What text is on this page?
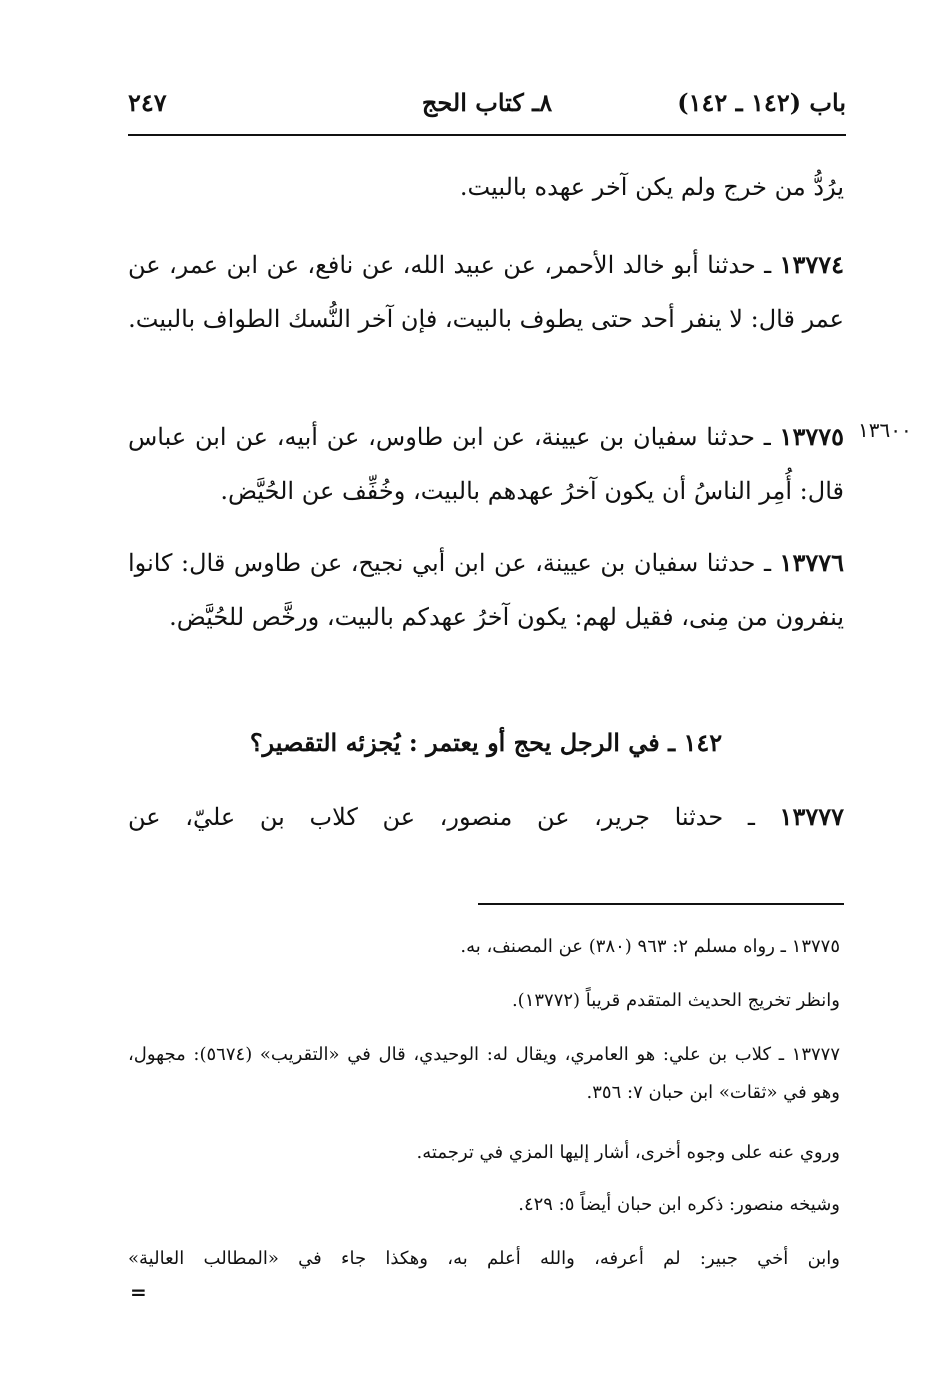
باب (١٤٢ ـ ١٤٢)
٨ـ كتاب الحج
٢٤٧

يرُدُّ من خرج ولم يكن آخر عهده بالبيت.

١٣٧٧٤ ـ حدثنا أبو خالد الأحمر، عن عبيد الله، عن نافع، عن ابن عمر، عن عمر قال: لا ينفر أحد حتى يطوف بالبيت، فإن آخر النُّسك الطواف بالبيت.

١٣٦٠٠

١٣٧٧٥ ـ حدثنا سفيان بن عيينة، عن ابن طاوس، عن أبيه، عن ابن عباس قال: أُمِر الناسُ أن يكون آخرُ عهدهم بالبيت، وخُفِّف عن الحُيَّض.

١٣٧٧٦ ـ حدثنا سفيان بن عيينة، عن ابن أبي نجيح، عن طاوس قال: كانوا ينفرون من مِنى، فقيل لهم: يكون آخرُ عهدكم بالبيت، ورخَّص للحُيَّض.

١٤٢ ـ في الرجل يحج أو يعتمر : يُجزئه التقصير؟

١٣٧٧٧ ـ حدثنا جرير، عن منصور، عن كلاب بن عليّ، عن

١٣٧٧٥ ـ رواه مسلم ٢: ٩٦٣ (٣٨٠) عن المصنف، به.

وانظر تخريج الحديث المتقدم قريباً (١٣٧٧٢).

١٣٧٧٧ ـ كلاب بن علي: هو العامري، ويقال له: الوحيدي، قال في «التقريب» (٥٦٧٤): مجهول، وهو في «ثقات» ابن حبان ٧: ٣٥٦.

وروي عنه على وجوه أخرى، أشار إليها المزي في ترجمته.

وشيخه منصور: ذكره ابن حبان أيضاً ٥: ٤٢٩.

وابن أخي جبير: لم أعرفه، والله أعلم به، وهكذا جاء في «المطالب العالية»

=
